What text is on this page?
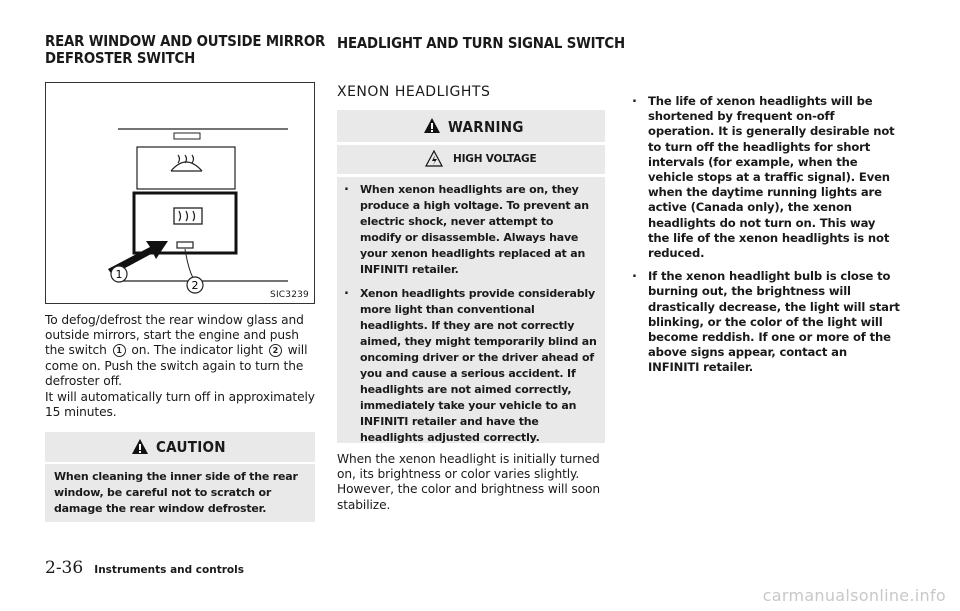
REAR WINDOW AND OUTSIDE MIRROR
DEFROSTER SWITCH
HEADLIGHT AND TURN SIGNAL SWITCH
1
2
SIC3239
To defog/defrost the rear window glass and outside mirrors, start the engine and push the switch 1 on. The indicator light 2 will come on. Push the switch again to turn the defroster off.
It will automatically turn off in approximately 15 minutes.
CAUTION
When cleaning the inner side of the rear window, be careful not to scratch or damage the rear window defroster.
XENON HEADLIGHTS
WARNING
HIGH VOLTAGE
. When xenon headlights are on, they produce a high voltage. To prevent an electric shock, never attempt to modify or disassemble. Always have your xenon headlights replaced at an INFINITI retailer.
. Xenon headlights provide considerably more light than conventional headlights. If they are not correctly aimed, they might temporarily blind an oncoming driver or the driver ahead of you and cause a serious accident. If headlights are not aimed correctly, immediately take your vehicle to an INFINITI retailer and have the headlights adjusted correctly.
When the xenon headlight is initially turned on, its brightness or color varies slightly. However, the color and brightness will soon stabilize.
. The life of xenon headlights will be shortened by frequent on-off operation. It is generally desirable not to turn off the headlights for short intervals (for example, when the vehicle stops at a traffic signal). Even when the daytime running lights are active (Canada only), the xenon headlights do not turn on. This way the life of the xenon headlights is not reduced.
. If the xenon headlight bulb is close to burning out, the brightness will drastically decrease, the light will start blinking, or the color of the light will become reddish. If one or more of the above signs appear, contact an INFINITI retailer.
2-36 Instruments and controls
carmanualsonline.info
